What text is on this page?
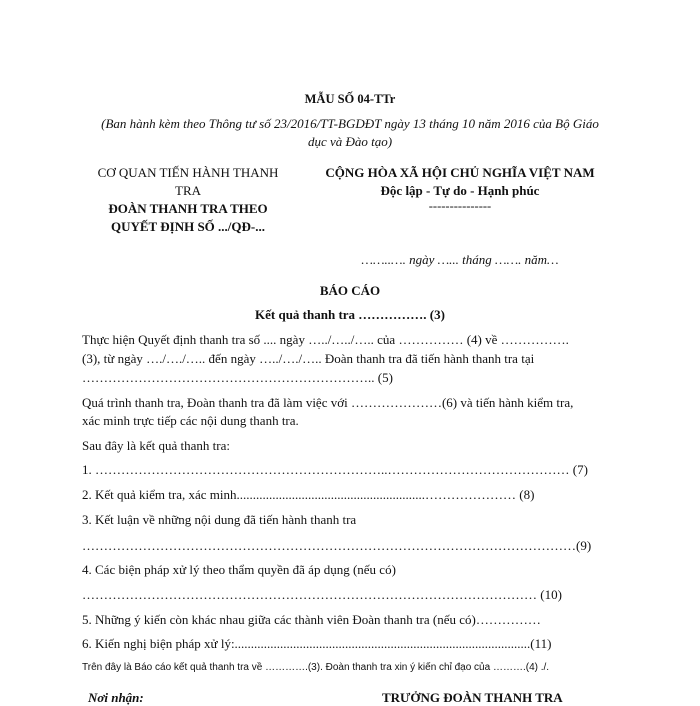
MẪU SỐ 04-TTr
(Ban hành kèm theo Thông tư số 23/2016/TT-BGDĐT ngày 13 tháng 10 năm 2016 của Bộ Giáo
dục và Đào tạo)
CƠ QUAN TIẾN HÀNH THANH
TRA
ĐOÀN THANH TRA THEO
QUYẾT ĐỊNH SỐ .../QĐ-...
CỘNG HÒA XÃ HỘI CHỦ NGHĨA VIỆT NAM
Độc lập - Tự do - Hạnh phúc
---------------
……..…. ngày …... tháng ……. năm…
BÁO CÁO
Kết quả thanh tra ……………. (3)
Thực hiện Quyết định thanh tra số .... ngày …../…../….. của …………… (4) về …………….
(3), từ ngày …./…./….. đến ngày …../…./….. Đoàn thanh tra đã tiến hành thanh tra tại
………………………………………………………….. (5)
Quá trình thanh tra, Đoàn thanh tra đã làm việc với …………………(6) và tiến hành kiểm tra,
xác minh trực tiếp các nội dung thanh tra.
Sau đây là kết quả thanh tra:
1. …………………………………………………………..…………………………………… (7)
2. Kết quả kiểm tra, xác minh..........................................................………………… (8)
3. Kết luận về những nội dung đã tiến hành thanh tra
……………………………………………………………………………………………………(9)
4. Các biện pháp xử lý theo thẩm quyền đã áp dụng (nếu có)
…………………………………………………………………………………………… (10)
5. Những ý kiến còn khác nhau giữa các thành viên Đoàn thanh tra (nếu có)……………
6. Kiến nghị biện pháp xử lý:...........................................................................................(11)
Trên đây là Báo cáo kết quả thanh tra về ………….(3). Đoàn thanh tra xin ý kiến chỉ đạo của ……….(4) ./.
Nơi nhận:	TRƯỞNG ĐOÀN THANH TRA
